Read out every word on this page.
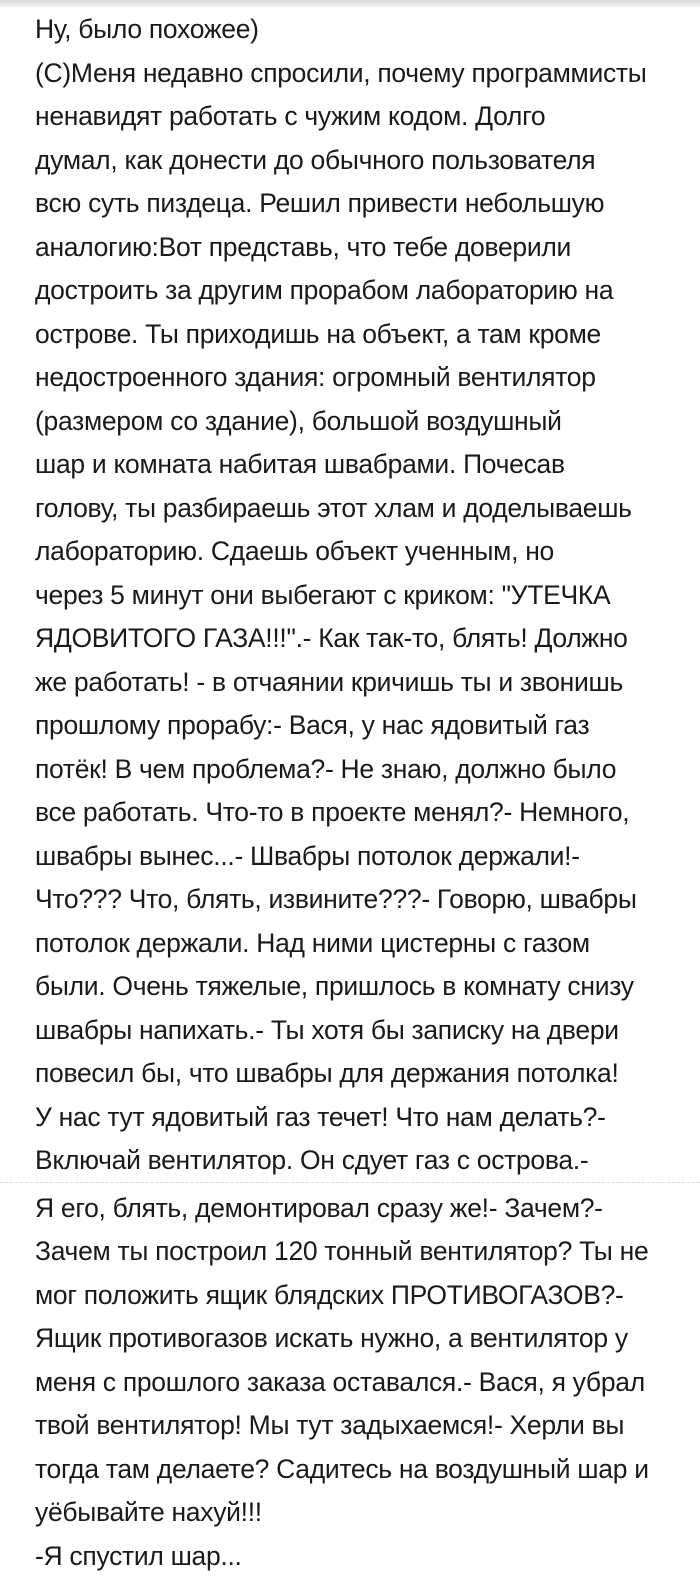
Ну, было похожее)
(С)Меня недавно спросили, почему программисты
ненавидят работать с чужим кодом. Долго
думал, как донести до обычного пользователя
всю суть пиздеца. Решил привести небольшую
аналогию:Вот представь, что тебе доверили
достроить за другим прорабом лабораторию на
острове. Ты приходишь на объект, а там кроме
недостроенного здания: огромный вентилятор
(размером со здание), большой воздушный
шар и комната набитая швабрами. Почесав
голову, ты разбираешь этот хлам и доделываешь
лабораторию. Сдаешь объект ученным, но
через 5 минут они выбегают с криком: "УТЕЧКА
ЯДОВИТОГО ГАЗА!!!".- Как так-то, блять! Должно
же работать! - в отчаянии кричишь ты и звонишь
прошлому прорабу:- Вася, у нас ядовитый газ
потёк! В чем проблема?- Не знаю, должно было
все работать. Что-то в проекте менял?- Немного,
швабры вынес...- Швабры потолок держали!-
Что??? Что, блять, извините???- Говорю, швабры
потолок держали. Над ними цистерны с газом
были. Очень тяжелые, пришлось в комнату снизу
швабры напихать.- Ты хотя бы записку на двери
повесил бы, что швабры для держания потолка!
У нас тут ядовитый газ течет! Что нам делать?-
Включай вентилятор. Он сдует газ с острова.-
Я его, блять, демонтировал сразу же!- Зачем?-
Зачем ты построил 120 тонный вентилятор? Ты не
мог положить ящик блядских ПРОТИВОГАЗОВ?-
Ящик противогазов искать нужно, а вентилятор у
меня с прошлого заказа оставался.- Вася, я убрал
твой вентилятор! Мы тут задыхаемся!- Херли вы
тогда там делаете? Садитесь на воздушный шар и
уёбывайте нахуй!!!
-Я спустил шар...
